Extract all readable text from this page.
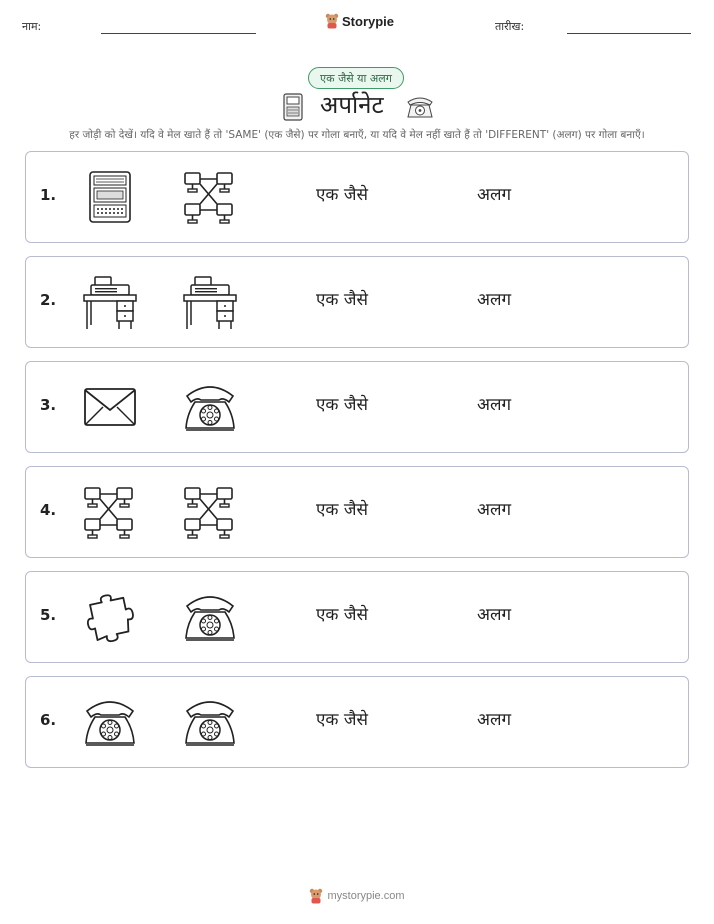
नाम:	Storypie	तारीख:
एक जैसे या अलग
अर्पानेट
हर जोड़ी को देखें। यदि वे मेल खाते हैं तो 'SAME' (एक जैसे) पर गोला बनाएँ, या यदि वे मेल नहीं खाते हैं तो 'DIFFERENT' (अलग) पर गोला बनाएँ।
1.	एक जैसे	अलग
2.	एक जैसे	अलग
3.	एक जैसे	अलग
4.	एक जैसे	अलग
5.	एक जैसे	अलग
6.	एक जैसे	अलग
mystorypie.com
